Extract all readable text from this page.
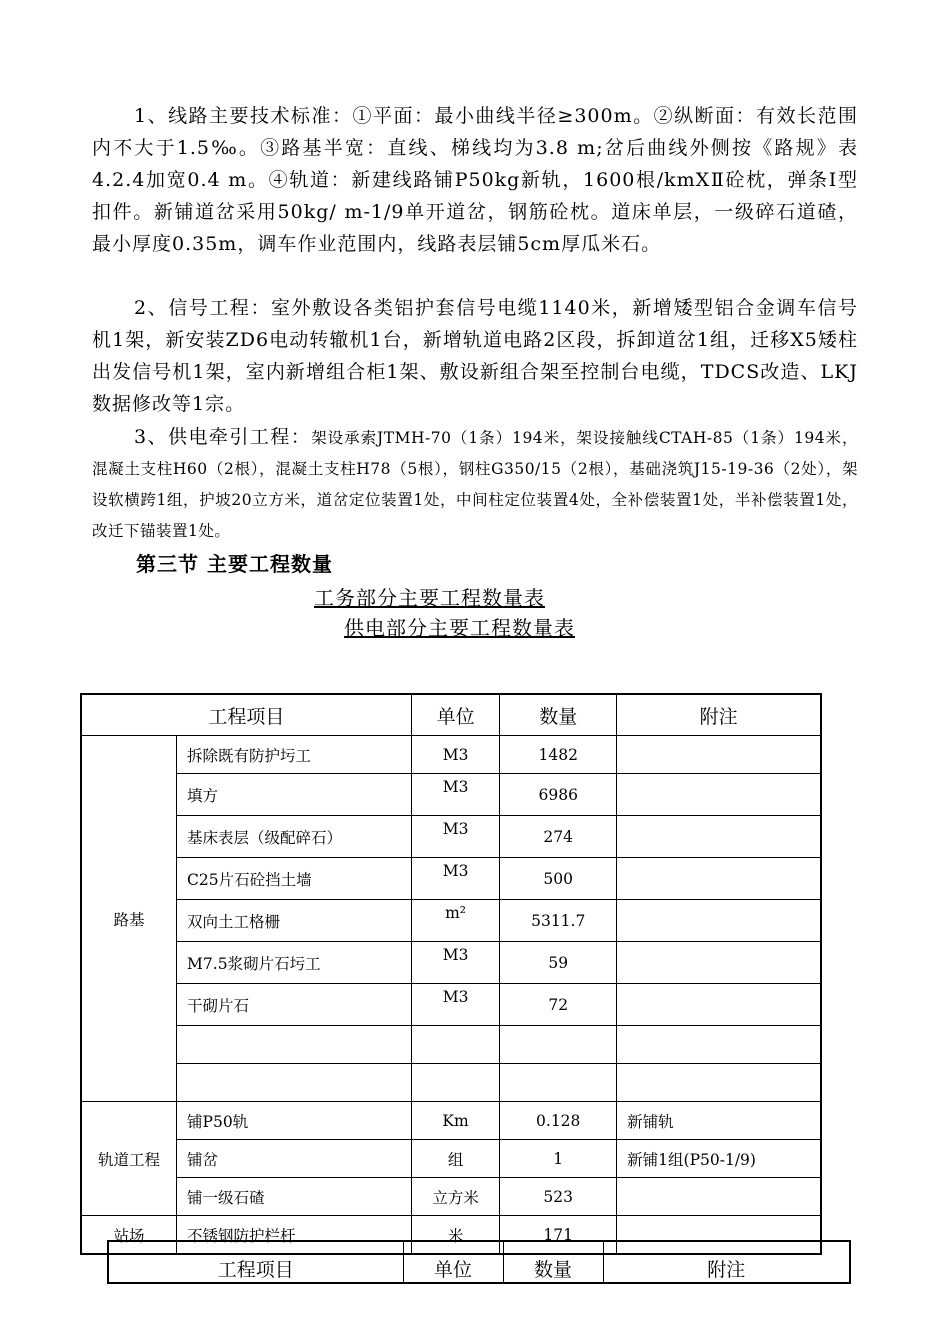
1、线路主要技术标准：①平面：最小曲线半径≥300m。②纵断面：有效长范围内不大于1.5‰。③路基半宽：直线、梯线均为3.8 m;岔后曲线外侧按《路规》表4.2.4加宽0.4 m。④轨道：新建线路铺P50kg新轨，1600根/kmXⅡ砼枕，弹条Ⅰ型扣件。新铺道岔采用50kg/ m-1/9单开道岔，钢筋砼枕。道床单层，一级碎石道碴，最小厚度0.35m，调车作业范围内，线路表层铺5cm厚瓜米石。

2、信号工程：室外敷设各类铝护套信号电缆1140米，新增矮型铝合金调车信号机1架，新安装ZD6电动转辙机1台，新增轨道电路2区段，拆卸道岔1组，迁移X5矮柱出发信号机1架，室内新增组合柜1架、敷设新组合架至控制台电缆，TDCS改造、LKJ数据修改等1宗。

3、供电牵引工程：架设承索JTMH-70（1条）194米，架设接触线CTAH-85（1条）194米，混凝土支柱H60（2根），混凝土支柱H78（5根），钢柱G350/15（2根），基础浇筑J15-19-36（2处），架设软横跨1组，护坡20立方米，道岔定位装置1处，中间柱定位装置4处，全补偿装置1处，半补偿装置1处，改迁下锚装置1处。

第三节 主要工程数量
工务部分主要工程数量表
供电部分主要工程数量表
工程项目		单位	数量	附注
路基	拆除既有防护圬工	M3	1482	
	填方	M3	6986	
	基床表层（级配碎石）	M3	274	
	C25片石砼挡土墙	M3	500	
	双向土工格栅	m²	5311.7	
	M7.5浆砌片石圬工	M3	59	
	干砌片石	M3	72	

轨道工程	铺P50轨	Km	0.128	新铺轨
	铺岔	组	1	新铺1组(P50-1/9)
	铺一级石碴	立方米	523	
站场	不锈钢防护栏杆	米	171	
工程项目	单位	数量	附注
